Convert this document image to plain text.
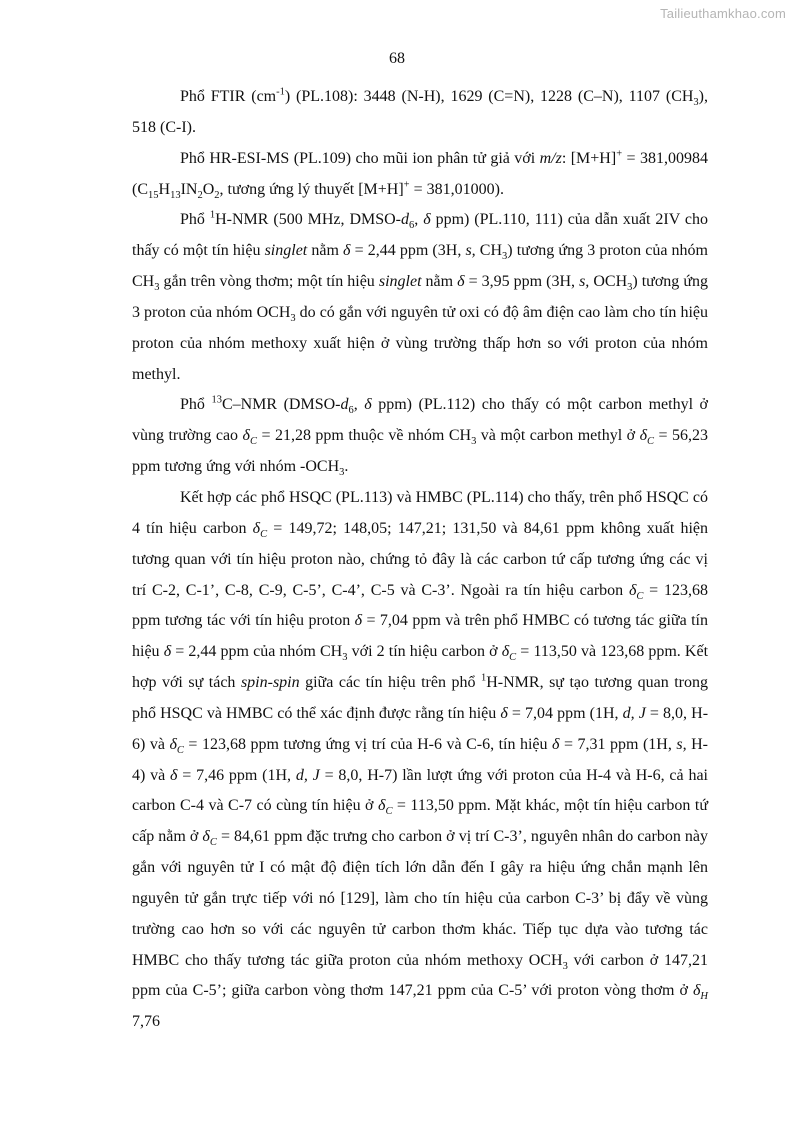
Tailieuthamkhao.com
68

Phổ FTIR $(cm^{-1})$ (PL.108): 3448 (N-H), 1629 (C=N), 1228 (C–N), 1107 $(CH_3)$, 518 (C-I).

Phổ HR-ESI-MS (PL.109) cho mũi ion phân tử giả với m/z: [M+H]+ = 381,00984 ($C_{15}H_{13}IN_2O_2$, tương ứng lý thuyết [M+H]+ = 381,01000).

Phổ $^1$H-NMR (500 MHz, DMSO-$d_6$, δ ppm) (PL.110, 111) của dẫn xuất 2IV cho thấy có một tín hiệu singlet nằm δ = 2,44 ppm (3H, s, $CH_3$) tương ứng 3 proton của nhóm $CH_3$ gắn trên vòng thơm; một tín hiệu singlet nằm δ = 3,95 ppm (3H, s, $OCH_3$) tương ứng 3 proton của nhóm $OCH_3$ do có gắn với nguyên tử oxi có độ âm điện cao làm cho tín hiệu proton của nhóm methoxy xuất hiện ở vùng trường thấp hơn so với proton của nhóm methyl.

Phổ $^{13}$C–NMR ($DMSO-d_6$, δ ppm) (PL.112) cho thấy có một carbon methyl ở vùng trường cao $\delta_C = 21,28$ ppm thuộc về nhóm $CH_3$ và một carbon methyl ở $\delta_C = 56,23$ ppm tương ứng với nhóm $-OCH_3$.

Kết hợp các phổ HSQC (PL.113) và HMBC (PL.114) cho thấy, trên phổ HSQC có 4 tín hiệu carbon $\delta_C = 149,72$; 148,05; 147,21; 131,50 và 84,61 ppm không xuất hiện tương quan với tín hiệu proton nào, chứng tỏ đây là các carbon tứ cấp tương ứng các vị trí C-2, C-1’, C-8, C-9, C-5’, C-4’, C-5 và C-3’. Ngoài ra tín hiệu carbon $\delta_C = 123,68$ ppm tương tác với tín hiệu proton δ = 7,04 ppm và trên phổ HMBC có tương tác giữa tín hiệu δ = 2,44 ppm của nhóm $CH_3$ với 2 tín hiệu carbon ở $\delta_C = 113,50$ và 123,68 ppm. Kết hợp với sự tách spin-spin giữa các tín hiệu trên phổ $^1$H-NMR, sự tạo tương quan trong phổ HSQC và HMBC có thể xác định được rằng tín hiệu δ = 7,04 ppm (1H, d, J = 8,0, H-6) và $\delta_C = 123,68$ ppm tương ứng vị trí của H-6 và C-6, tín hiệu δ = 7,31 ppm (1H, s, H-4) và δ = 7,46 ppm (1H, d, J = 8,0, H-7) lần lượt ứng với proton của H-4 và H-6, cả hai carbon C-4 và C-7 có cùng tín hiệu ở $\delta_C = 113,50$ ppm. Mặt khác, một tín hiệu carbon tứ cấp nằm ở $\delta_C = 84,61$ ppm đặc trưng cho carbon ở vị trí C-3’, nguyên nhân do carbon này gắn với nguyên tử I có mật độ điện tích lớn dẫn đến I gây ra hiệu ứng chắn mạnh lên nguyên tử gắn trực tiếp với nó [129], làm cho tín hiệu của carbon C-3’ bị đẩy về vùng trường cao hơn so với các nguyên tử carbon thơm khác. Tiếp tục dựa vào tương tác HMBC cho thấy tương tác giữa proton của nhóm methoxy $OCH_3$ với carbon ở 147,21 ppm của C-5’; giữa carbon vòng thơm 147,21 ppm của C-5’ với proton vòng thơm ở $\delta_H$ 7,76
